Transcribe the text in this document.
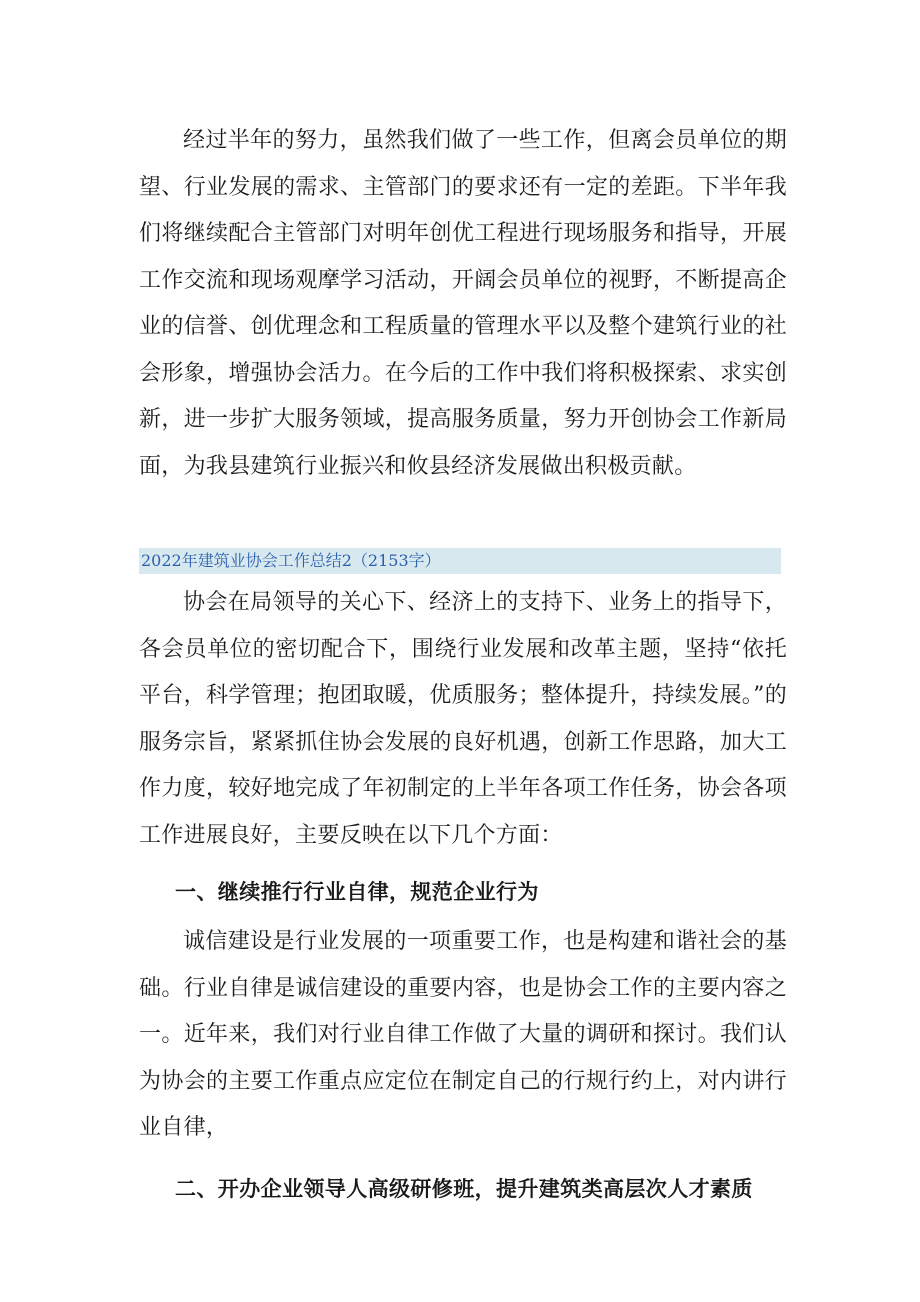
经过半年的努力，虽然我们做了一些工作，但离会员单位的期望、行业发展的需求、主管部门的要求还有一定的差距。下半年我们将继续配合主管部门对明年创优工程进行现场服务和指导，开展工作交流和现场观摩学习活动，开阔会员单位的视野，不断提高企业的信誉、创优理念和工程质量的管理水平以及整个建筑行业的社会形象，增强协会活力。在今后的工作中我们将积极探索、求实创新，进一步扩大服务领域，提高服务质量，努力开创协会工作新局面，为我县建筑行业振兴和攸县经济发展做出积极贡献。

2022年建筑业协会工作总结2（2153字）

协会在局领导的关心下、经济上的支持下、业务上的指导下，各会员单位的密切配合下，围绕行业发展和改革主题，坚持“依托平台，科学管理；抱团取暖，优质服务；整体提升，持续发展。”的服务宗旨，紧紧抓住协会发展的良好机遇，创新工作思路，加大工作力度，较好地完成了年初制定的上半年各项工作任务，协会各项工作进展良好，主要反映在以下几个方面：

一、继续推行行业自律，规范企业行为

诚信建设是行业发展的一项重要工作，也是构建和谐社会的基础。行业自律是诚信建设的重要内容，也是协会工作的主要内容之一。近年来，我们对行业自律工作做了大量的调研和探讨。我们认为协会的主要工作重点应定位在制定自己的行规行约上，对内讲行业自律，

二、开办企业领导人高级研修班，提升建筑类高层次人才素质
